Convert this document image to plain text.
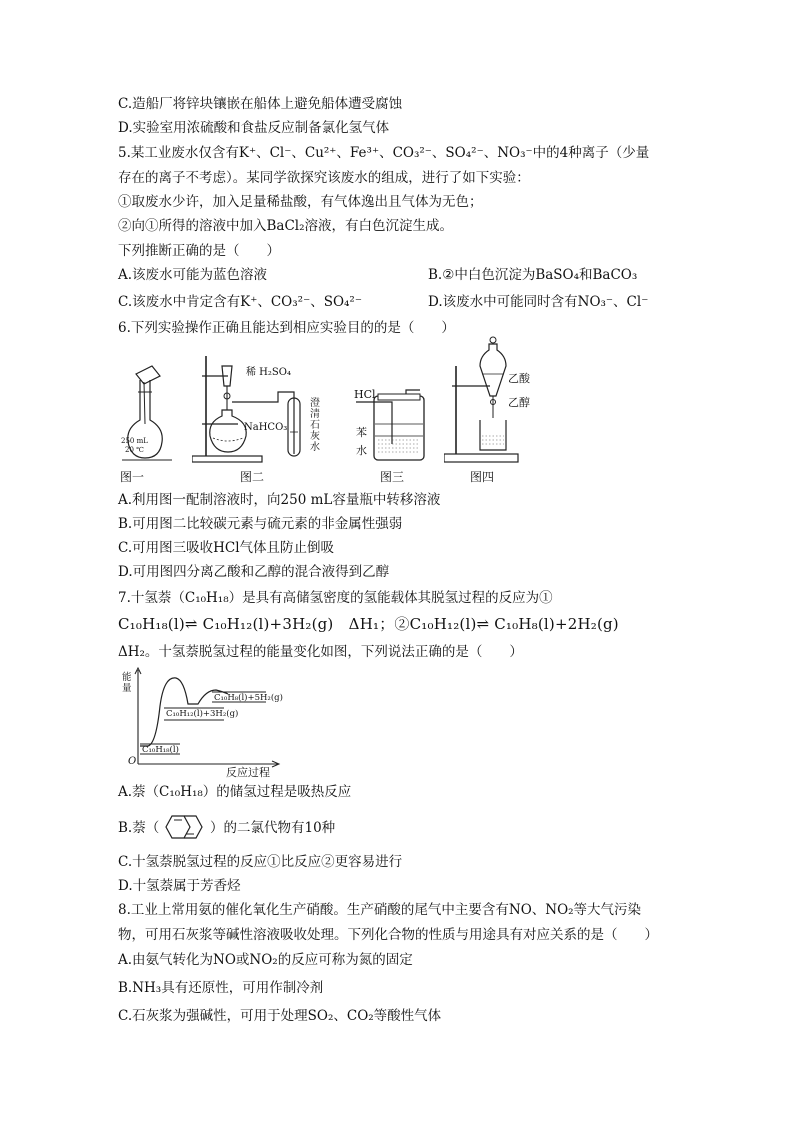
C.造船厂将锌块镶嵌在船体上避免船体遭受腐蚀
D.实验室用浓硫酸和食盐反应制备氯化氢气体
5.某工业废水仅含有K⁺、Cl⁻、Cu²⁺、Fe³⁺、CO₃²⁻、SO₄²⁻、NO₃⁻中的4种离子（少量
存在的离子不考虑）。某同学欲探究该废水的组成，进行了如下实验：
①取废水少许，加入足量稀盐酸，有气体逸出且气体为无色；
②向①所得的溶液中加入BaCl₂溶液，有白色沉淀生成。
下列推断正确的是（　　）
A.该废水可能为蓝色溶液	B.②中白色沉淀为BaSO₄和BaCO₃
C.该废水中肯定含有K⁺、CO₃²⁻、SO₄²⁻	D.该废水中可能同时含有NO₃⁻、Cl⁻
6.下列实验操作正确且能达到相应实验目的的是（　　）
250 mL
20 ℃
稀 H₂SO₄
NaHCO₃
澄
清
石
灰
水
HCl
苯
水
乙酸
乙醇
图一	图二	图三	图四
A.利用图一配制溶液时，向250 mL容量瓶中转移溶液
B.可用图二比较碳元素与硫元素的非金属性强弱
C.可用图三吸收HCl气体且防止倒吸
D.可用图四分离乙酸和乙醇的混合液得到乙醇
7.十氢萘（C₁₀H₁₈）是具有高储氢密度的氢能载体其脱氢过程的反应为①
C₁₀H₁₈(l)⇌ C₁₀H₁₂(l)+3H₂(g)　ΔH₁；②C₁₀H₁₂(l)⇌ C₁₀H₈(l)+2H₂(g)
ΔH₂。十氢萘脱氢过程的能量变化如图，下列说法正确的是（　　）
能
量
O
C₁₀H₁₈(l)
C₁₀H₁₂(l)+3H₂(g)
C₁₀H₈(l)+5H₂(g)
反应过程
A.萘（C₁₀H₁₈）的储氢过程是吸热反应
B.萘（	）的二氯代物有10种
C.十氢萘脱氢过程的反应①比反应②更容易进行
D.十氢萘属于芳香烃
8.工业上常用氨的催化氧化生产硝酸。生产硝酸的尾气中主要含有NO、NO₂等大气污染
物，可用石灰浆等碱性溶液吸收处理。下列化合物的性质与用途具有对应关系的是（　　）
A.由氨气转化为NO或NO₂的反应可称为氮的固定
B.NH₃具有还原性，可用作制冷剂
C.石灰浆为强碱性，可用于处理SO₂、CO₂等酸性气体
